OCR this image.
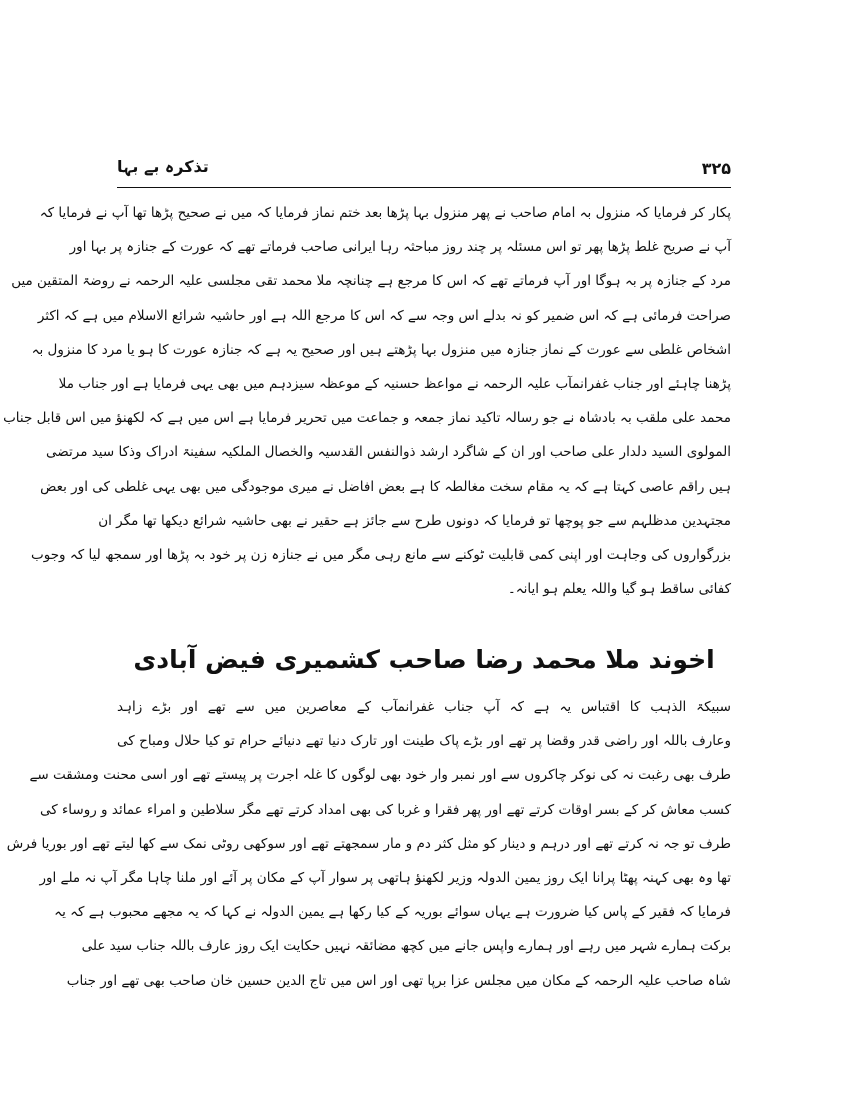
۳۲۵
تذکرہ بے بہا
پکار کر فرمایا کہ منزول بہ امام صاحب نے پھر منزول بہا پڑھا بعد ختم نماز فرمایا کہ میں نے صحیح پڑھا تھا آپ نے فرمایا کہ
آپ نے صریح غلط پڑھا پھر تو اس مسئلہ پر چند روز مباحثہ رہا ایرانی صاحب فرماتے تھے کہ عورت کے جنازہ پر بہا اور
مرد کے جنازہ پر بہ ہوگا اور آپ فرماتے تھے کہ اس کا مرجع ہے چنانچہ ملا محمد تقی مجلسی علیہ الرحمہ نے روضۃ المتقین میں
صراحت فرمائی ہے کہ اس ضمیر کو نہ بدلے اس وجہ سے کہ اس کا مرجع اللہ ہے اور حاشیہ شرائع الاسلام میں ہے کہ اکثر
اشخاص غلطی سے عورت کے نماز جنازہ میں منزول بہا پڑھتے ہیں اور صحیح یہ ہے کہ جنازہ عورت کا ہو یا مرد کا منزول بہ
پڑھنا چاہئے اور جناب غفرانمآب علیہ الرحمہ نے مواعظ حسنیہ کے موعظہ سیزدہم میں بھی یہی فرمایا ہے اور جناب ملا
محمد علی ملقب بہ بادشاہ نے جو رسالہ تاکید نماز جمعہ و جماعت میں تحریر فرمایا ہے اس میں ہے کہ لکھنؤ میں اس قابل جناب
المولوی السید دلدار علی صاحب اور ان کے شاگرد ارشد ذوالنفس القدسیہ والخصال الملکیہ سفینۃ ادراک وذکا سید مرتضی
ہیں راقم عاصی کہتا ہے کہ یہ مقام سخت مغالطہ کا ہے بعض افاضل نے میری موجودگی میں بھی یہی غلطی کی اور بعض
مجتہدین مدظلہم سے جو پوچھا تو فرمایا کہ دونوں طرح سے جائز ہے حقیر نے بھی حاشیہ شرائع دیکھا تھا مگر ان
بزرگواروں کی وجاہت اور اپنی کمی قابلیت ٹوکنے سے مانع رہی مگر میں نے جنازہ زن پر خود بہ پڑھا اور سمجھ لیا کہ وجوب
کفائی ساقط ہو گیا واللہ یعلم ہو ایانہ۔
اخوند ملا محمد رضا صاحب کشمیری فیض آبادی
سبیکۃ الذہب کا اقتباس یہ ہے کہ آپ جناب غفرانمآب کے معاصرین میں سے تھے اور بڑے زاہد
وعارف باللہ اور راضی قدر وقضا پر تھے اور بڑے پاک طینت اور تارک دنیا تھے دنیائے حرام تو کیا حلال ومباح کی
طرف بھی رغبت نہ کی نوکر چاکروں سے اور نمبر وار خود بھی لوگوں کا غلہ اجرت پر پیستے تھے اور اسی محنت ومشقت سے
کسب معاش کر کے بسر اوقات کرتے تھے اور پھر فقرا و غربا کی بھی امداد کرتے تھے مگر سلاطین و امراء عمائد و روساء کی
طرف تو جہ نہ کرتے تھے اور درہم و دینار کو مثل کثر دم و مار سمجھتے تھے اور سوکھی روٹی نمک سے کھا لیتے تھے اور بوریا فرش
تھا وہ بھی کہنہ پھٹا پرانا ایک روز یمین الدولہ وزیر لکھنؤ ہاتھی پر سوار آپ کے مکان پر آئے اور ملنا چاہا مگر آپ نہ ملے اور
فرمایا کہ فقیر کے پاس کیا ضرورت ہے یہاں سوائے بوریہ کے کیا رکھا ہے یمین الدولہ نے کہا کہ یہ مجھے محبوب ہے کہ یہ
برکت ہمارے شہر میں رہے اور ہمارے واپس جانے میں کچھ مضائقہ نہیں حکایت ایک روز عارف باللہ جناب سید علی
شاہ صاحب علیہ الرحمہ کے مکان میں مجلس عزا برپا تھی اور اس میں تاج الدین حسین خان صاحب بھی تھے اور جناب
